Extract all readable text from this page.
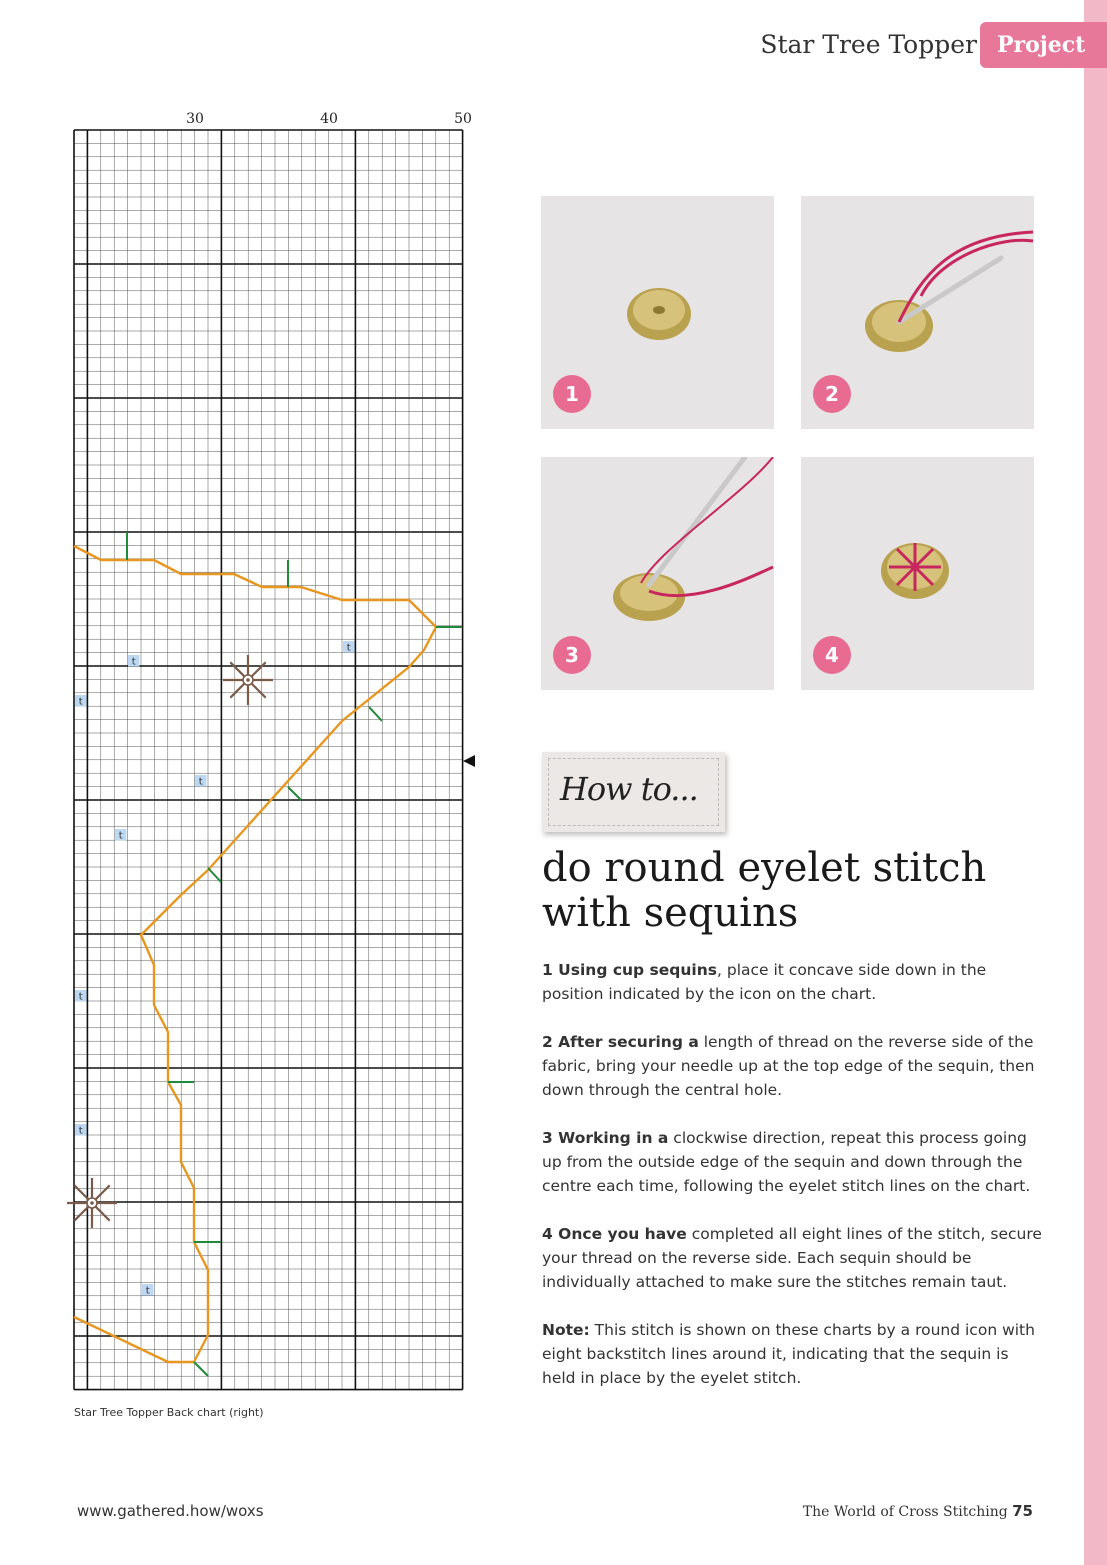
Star Tree Topper Project
30	40	50
t
t
t
t
t
t
t
t
Star Tree Topper Back chart (right)
1	2
3	4
How to...
do round eyelet stitch
with sequins

1 Using cup sequins, place it concave side down in the position indicated by the icon on the chart.

2 After securing a length of thread on the reverse side of the fabric, bring your needle up at the top edge of the sequin, then down through the central hole.

3 Working in a clockwise direction, repeat this process going up from the outside edge of the sequin and down through the centre each time, following the eyelet stitch lines on the chart.

4 Once you have completed all eight lines of the stitch, secure your thread on the reverse side. Each sequin should be individually attached to make sure the stitches remain taut.

Note: This stitch is shown on these charts by a round icon with eight backstitch lines around it, indicating that the sequin is held in place by the eyelet stitch.

www.gathered.how/woxs	The World of Cross Stitching 75
